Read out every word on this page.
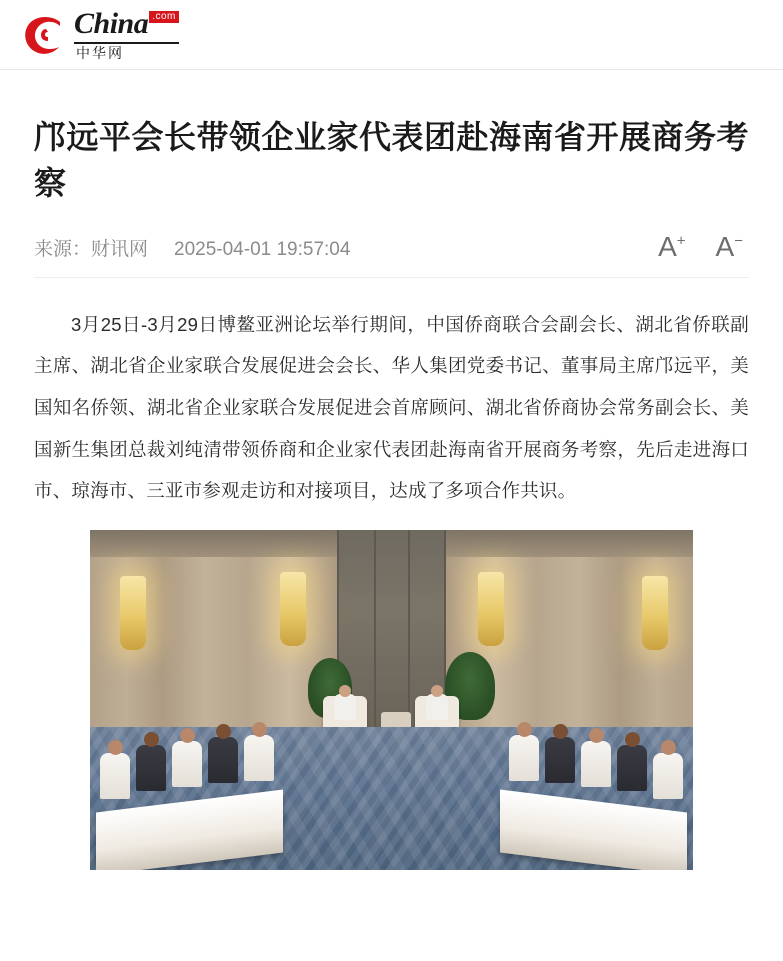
China .com
中华网
邝远平会长带领企业家代表团赴海南省开展商务考察
来源：财讯网 2025-04-01 19:57:04	A+ A−

3月25日-3月29日博鳌亚洲论坛举行期间，中国侨商联合会副会长、湖北省侨联副主席、湖北省企业家联合发展促进会会长、华人集团党委书记、董事局主席邝远平，美国知名侨领、湖北省企业家联合发展促进会首席顾问、湖北省侨商协会常务副会长、美国新生集团总裁刘纯清带领侨商和企业家代表团赴海南省开展商务考察，先后走进海口市、琼海市、三亚市参观走访和对接项目，达成了多项合作共识。
